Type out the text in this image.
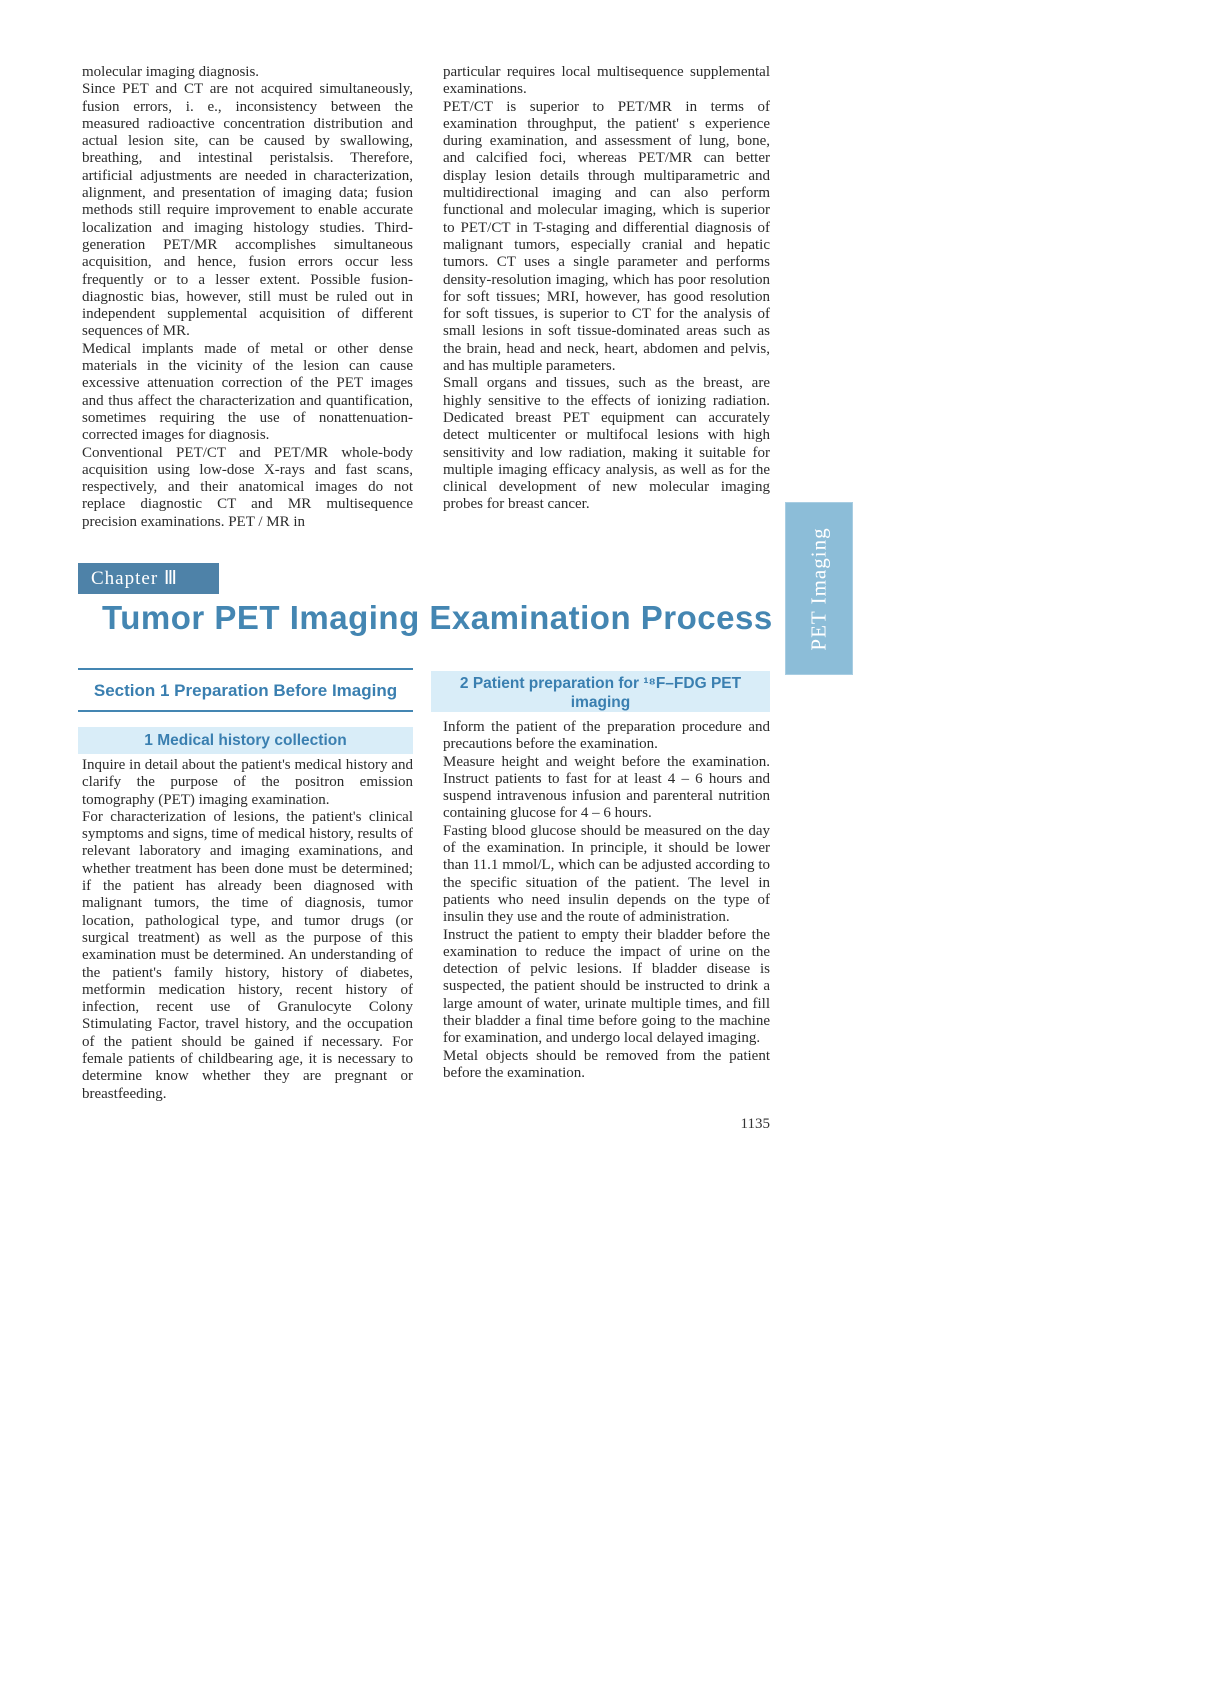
molecular imaging diagnosis.

Since PET and CT are not acquired simultaneously, fusion errors, i. e., inconsistency between the measured radioactive concentration distribution and actual lesion site, can be caused by swallowing, breathing, and intestinal peristalsis. Therefore, artificial adjustments are needed in characterization, alignment, and presentation of imaging data; fusion methods still require improvement to enable accurate localization and imaging histology studies. Third-generation PET/MR accomplishes simultaneous acquisition, and hence, fusion errors occur less frequently or to a lesser extent. Possible fusion-diagnostic bias, however, still must be ruled out in independent supplemental acquisition of different sequences of MR.

Medical implants made of metal or other dense materials in the vicinity of the lesion can cause excessive attenuation correction of the PET images and thus affect the characterization and quantification, sometimes requiring the use of nonattenuation-corrected images for diagnosis.

Conventional PET/CT and PET/MR whole-body acquisition using low-dose X-rays and fast scans, respectively, and their anatomical images do not replace diagnostic CT and MR multisequence precision examinations. PET / MR in

particular requires local multisequence supplemental examinations.

PET/CT is superior to PET/MR in terms of examination throughput, the patient' s experience during examination, and assessment of lung, bone, and calcified foci, whereas PET/MR can better display lesion details through multiparametric and multidirectional imaging and can also perform functional and molecular imaging, which is superior to PET/CT in T-staging and differential diagnosis of malignant tumors, especially cranial and hepatic tumors. CT uses a single parameter and performs density-resolution imaging, which has poor resolution for soft tissues; MRI, however, has good resolution for soft tissues, is superior to CT for the analysis of small lesions in soft tissue-dominated areas such as the brain, head and neck, heart, abdomen and pelvis, and has multiple parameters.

Small organs and tissues, such as the breast, are highly sensitive to the effects of ionizing radiation. Dedicated breast PET equipment can accurately detect multicenter or multifocal lesions with high sensitivity and low radiation, making it suitable for multiple imaging efficacy analysis, as well as for the clinical development of new molecular imaging probes for breast cancer.

Chapter Ⅲ
Tumor PET Imaging Examination Process PET Imaging
Section 1 Preparation Before Imaging
1 Medical history collection

Inquire in detail about the patient's medical history and clarify the purpose of the positron emission tomography (PET) imaging examination.

For characterization of lesions, the patient's clinical symptoms and signs, time of medical history, results of relevant laboratory and imaging examinations, and whether treatment has been done must be determined; if the patient has already been diagnosed with malignant tumors, the time of diagnosis, tumor location, pathological type, and tumor drugs (or surgical treatment) as well as the purpose of this examination must be determined. An understanding of the patient's family history, history of diabetes, metformin medication history, recent history of infection, recent use of Granulocyte Colony Stimulating Factor, travel history, and the occupation of the patient should be gained if necessary. For female patients of childbearing age, it is necessary to determine know whether they are pregnant or breastfeeding.

2 Patient preparation for ¹⁸F–FDG PET imaging

Inform the patient of the preparation procedure and precautions before the examination.

Measure height and weight before the examination. Instruct patients to fast for at least 4 – 6 hours and suspend intravenous infusion and parenteral nutrition containing glucose for 4 – 6 hours.

Fasting blood glucose should be measured on the day of the examination. In principle, it should be lower than 11.1 mmol/L, which can be adjusted according to the specific situation of the patient. The level in patients who need insulin depends on the type of insulin they use and the route of administration.

Instruct the patient to empty their bladder before the examination to reduce the impact of urine on the detection of pelvic lesions. If bladder disease is suspected, the patient should be instructed to drink a large amount of water, urinate multiple times, and fill their bladder a final time before going to the machine for examination, and undergo local delayed imaging.

Metal objects should be removed from the patient before the examination.

1135
